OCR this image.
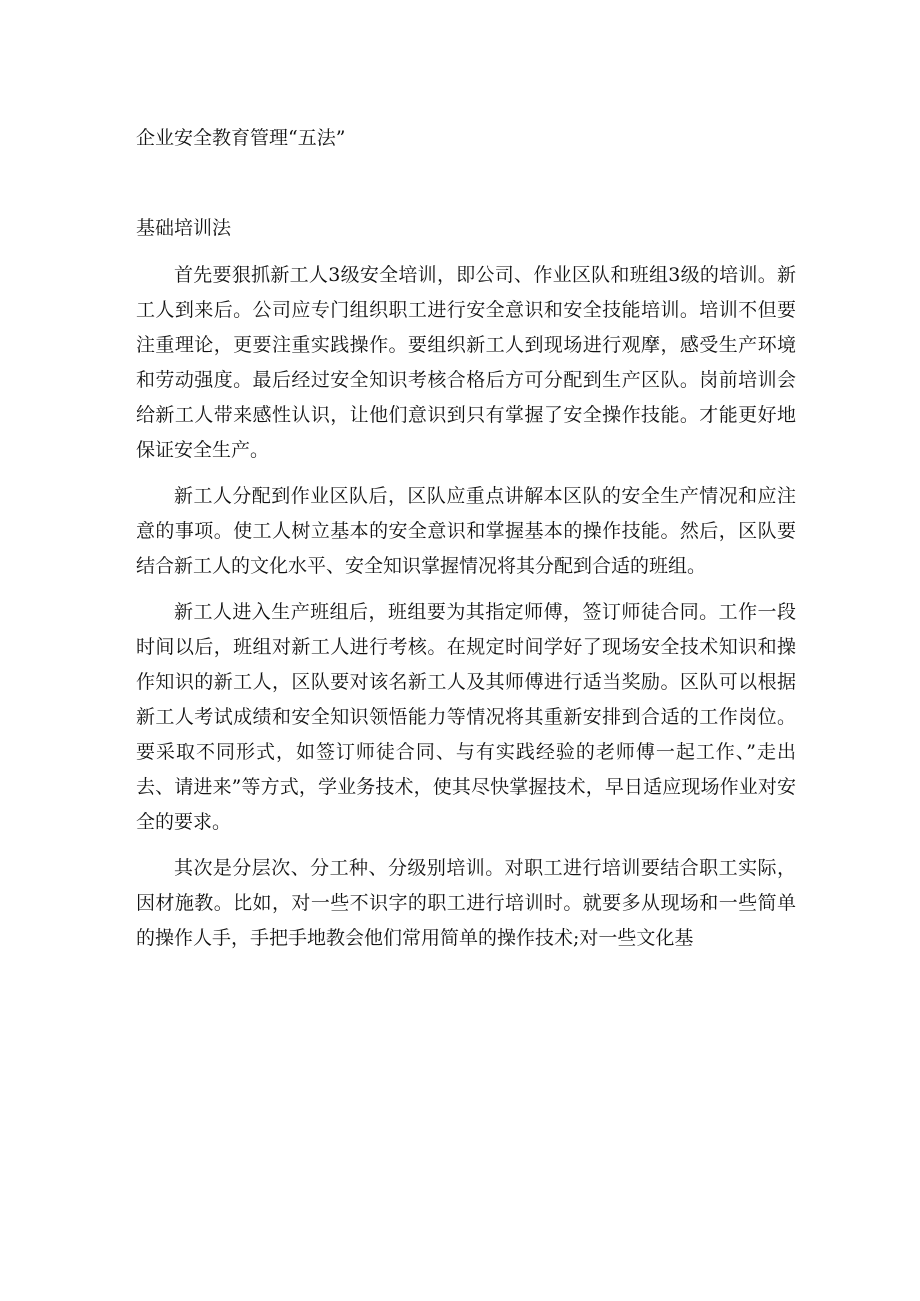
企业安全教育管理“五法”
基础培训法

首先要狠抓新工人3级安全培训，即公司、作业区队和班组3级的培训。新工人到来后。公司应专门组织职工进行安全意识和安全技能培训。培训不但要注重理论，更要注重实践操作。要组织新工人到现场进行观摩，感受生产环境和劳动强度。最后经过安全知识考核合格后方可分配到生产区队。岗前培训会给新工人带来感性认识，让他们意识到只有掌握了安全操作技能。才能更好地保证安全生产。

新工人分配到作业区队后，区队应重点讲解本区队的安全生产情况和应注意的事项。使工人树立基本的安全意识和掌握基本的操作技能。然后，区队要结合新工人的文化水平、安全知识掌握情况将其分配到合适的班组。

新工人进入生产班组后，班组要为其指定师傅，签订师徒合同。工作一段时间以后，班组对新工人进行考核。在规定时间学好了现场安全技术知识和操作知识的新工人，区队要对该名新工人及其师傅进行适当奖励。区队可以根据新工人考试成绩和安全知识领悟能力等情况将其重新安排到合适的工作岗位。要采取不同形式，如签订师徒合同、与有实践经验的老师傅一起工作、”走出去、请进来”等方式，学业务技术，使其尽快掌握技术，早日适应现场作业对安全的要求。

其次是分层次、分工种、分级别培训。对职工进行培训要结合职工实际，因材施教。比如，对一些不识字的职工进行培训时。就要多从现场和一些简单的操作人手，手把手地教会他们常用简单的操作技术;对一些文化基
